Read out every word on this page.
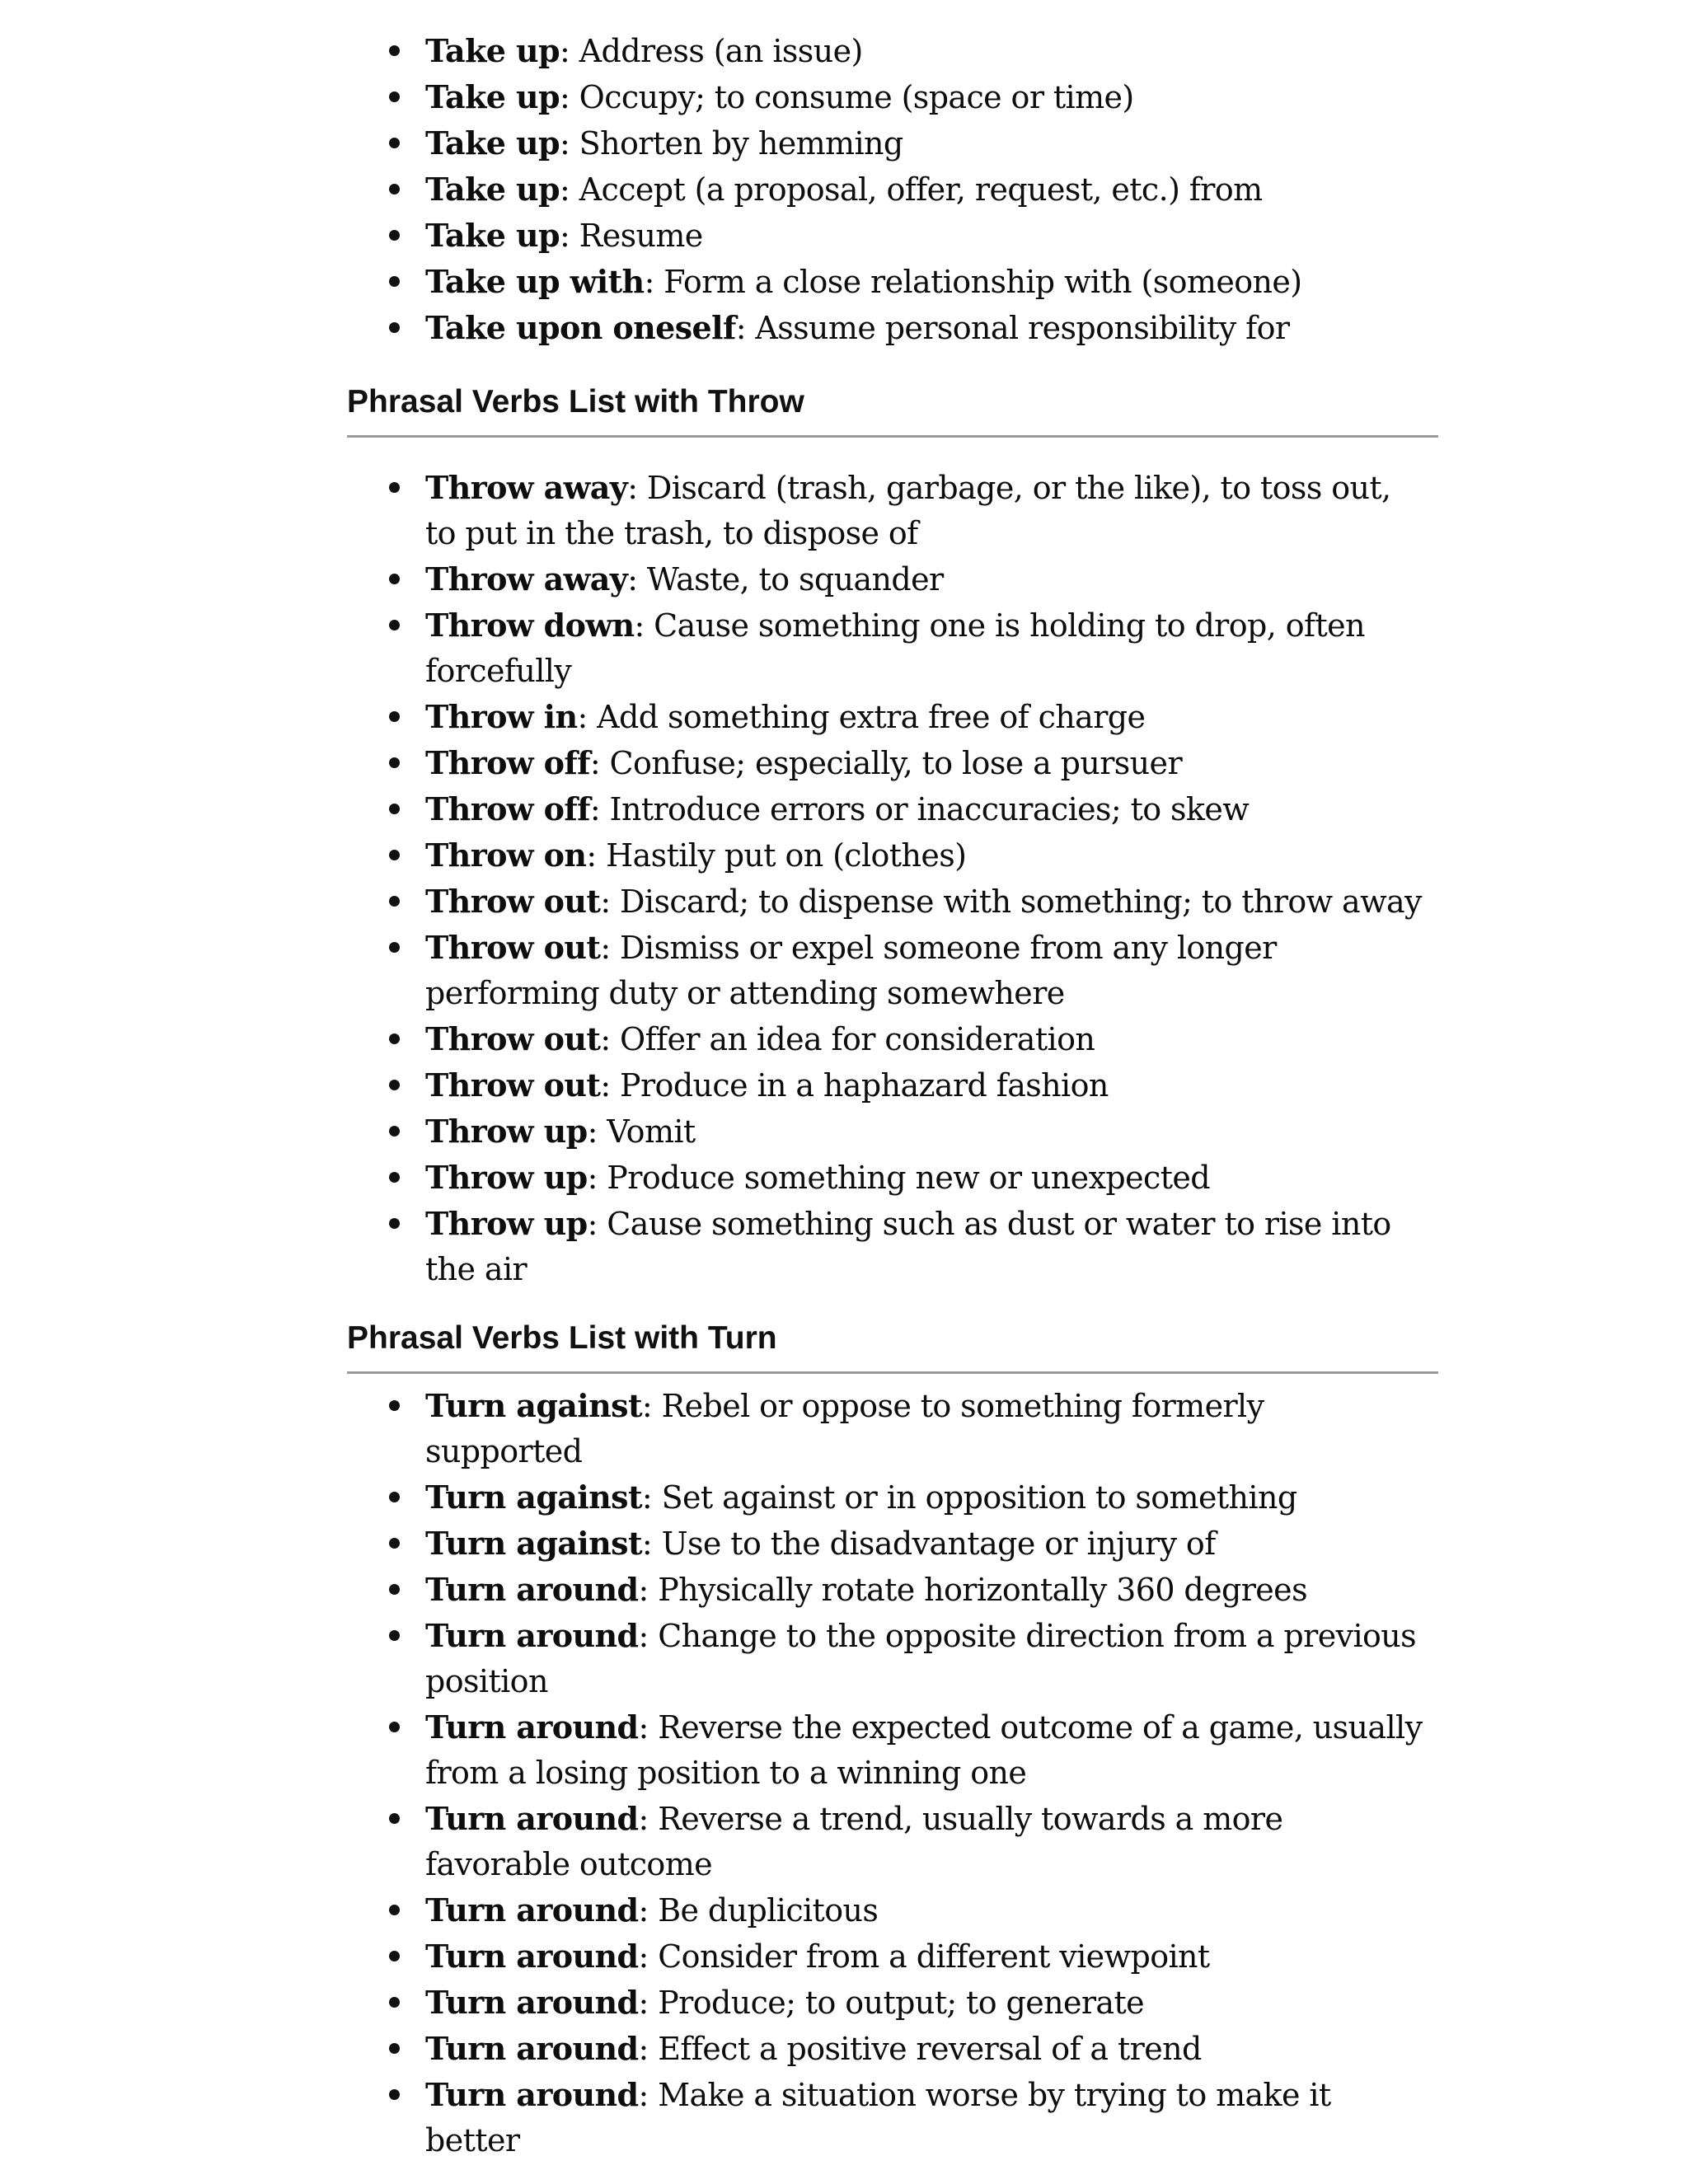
Take up: Address (an issue)
Take up: Occupy; to consume (space or time)
Take up: Shorten by hemming
Take up: Accept (a proposal, offer, request, etc.) from
Take up: Resume
Take up with: Form a close relationship with (someone)
Take upon oneself: Assume personal responsibility for
Phrasal Verbs List with Throw
Throw away: Discard (trash, garbage, or the like), to toss out, to put in the trash, to dispose of
Throw away: Waste, to squander
Throw down: Cause something one is holding to drop, often forcefully
Throw in: Add something extra free of charge
Throw off: Confuse; especially, to lose a pursuer
Throw off: Introduce errors or inaccuracies; to skew
Throw on: Hastily put on (clothes)
Throw out: Discard; to dispense with something; to throw away
Throw out: Dismiss or expel someone from any longer performing duty or attending somewhere
Throw out: Offer an idea for consideration
Throw out: Produce in a haphazard fashion
Throw up: Vomit
Throw up: Produce something new or unexpected
Throw up: Cause something such as dust or water to rise into the air
Phrasal Verbs List with Turn
Turn against: Rebel or oppose to something formerly supported
Turn against: Set against or in opposition to something
Turn against: Use to the disadvantage or injury of
Turn around: Physically rotate horizontally 360 degrees
Turn around: Change to the opposite direction from a previous position
Turn around: Reverse the expected outcome of a game, usually from a losing position to a winning one
Turn around: Reverse a trend, usually towards a more favorable outcome
Turn around: Be duplicitous
Turn around: Consider from a different viewpoint
Turn around: Produce; to output; to generate
Turn around: Effect a positive reversal of a trend
Turn around: Make a situation worse by trying to make it better
